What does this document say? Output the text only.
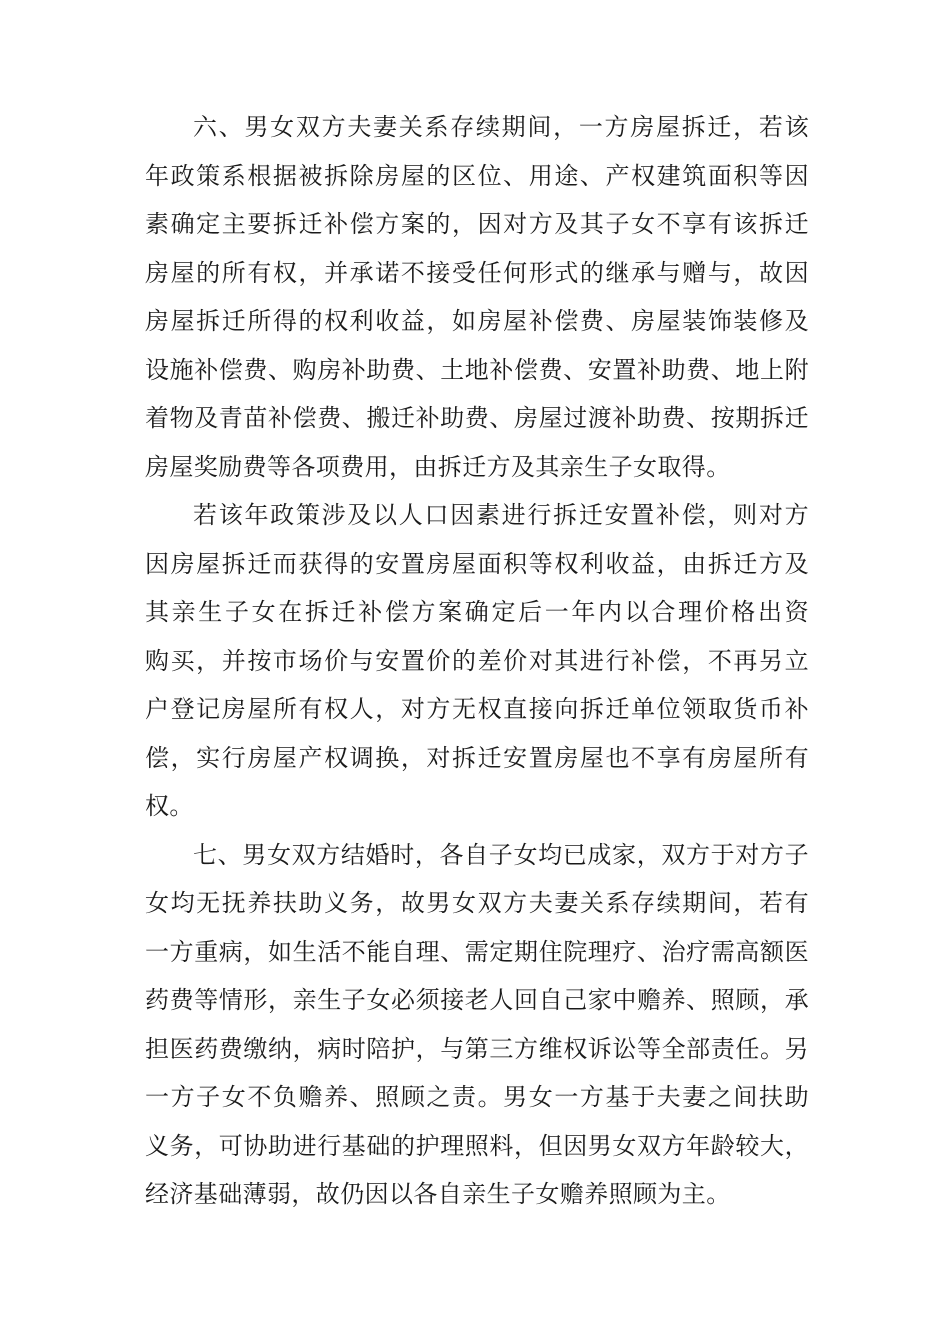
六、男女双方夫妻关系存续期间，一方房屋拆迁，若该
年政策系根据被拆除房屋的区位、用途、产权建筑面积等因
素确定主要拆迁补偿方案的，因对方及其子女不享有该拆迁
房屋的所有权，并承诺不接受任何形式的继承与赠与，故因
房屋拆迁所得的权利收益，如房屋补偿费、房屋装饰装修及
设施补偿费、购房补助费、土地补偿费、安置补助费、地上附
着物及青苗补偿费、搬迁补助费、房屋过渡补助费、按期拆迁
房屋奖励费等各项费用，由拆迁方及其亲生子女取得。
若该年政策涉及以人口因素进行拆迁安置补偿，则对方
因房屋拆迁而获得的安置房屋面积等权利收益，由拆迁方及
其亲生子女在拆迁补偿方案确定后一年内以合理价格出资
购买，并按市场价与安置价的差价对其进行补偿，不再另立
户登记房屋所有权人，对方无权直接向拆迁单位领取货币补
偿，实行房屋产权调换，对拆迁安置房屋也不享有房屋所有
权。
七、男女双方结婚时，各自子女均已成家，双方于对方子
女均无抚养扶助义务，故男女双方夫妻关系存续期间，若有
一方重病，如生活不能自理、需定期住院理疗、治疗需高额医
药费等情形，亲生子女必须接老人回自己家中赡养、照顾，承
担医药费缴纳，病时陪护，与第三方维权诉讼等全部责任。另
一方子女不负赡养、照顾之责。男女一方基于夫妻之间扶助
义务，可协助进行基础的护理照料，但因男女双方年龄较大，
经济基础薄弱，故仍因以各自亲生子女赡养照顾为主。
